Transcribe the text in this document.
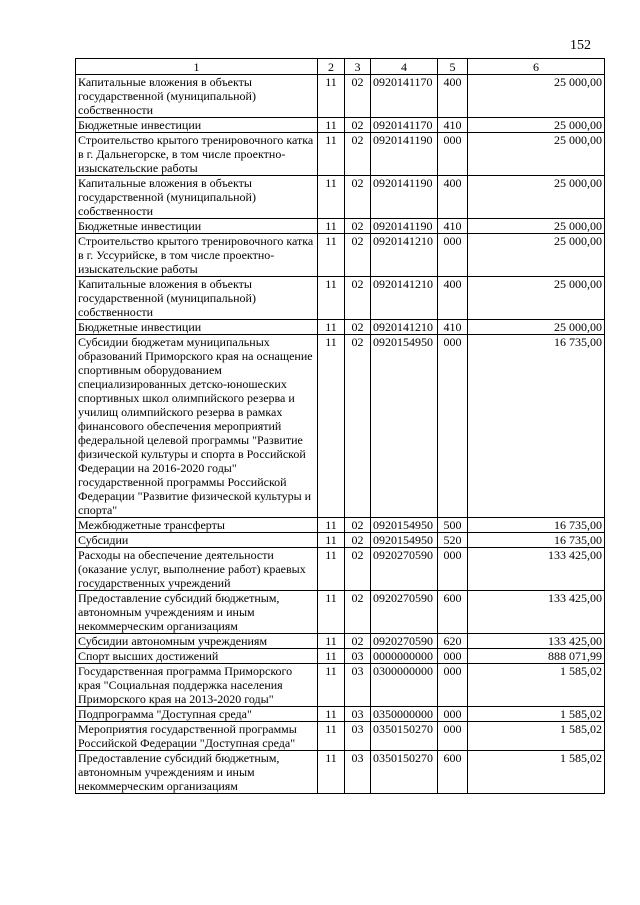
152
1	2	3	4	5	6
Капитальные вложения в объекты государственной (муниципальной) собственности	11	02	0920141170	400	25 000,00
Бюджетные инвестиции	11	02	0920141170	410	25 000,00
Строительство крытого тренировочного катка в г. Дальнегорске, в том числе проектно-изыскательские работы	11	02	0920141190	000	25 000,00
Капитальные вложения в объекты государственной (муниципальной) собственности	11	02	0920141190	400	25 000,00
Бюджетные инвестиции	11	02	0920141190	410	25 000,00
Строительство крытого тренировочного катка в г. Уссурийске, в том числе проектно-изыскательские работы	11	02	0920141210	000	25 000,00
Капитальные вложения в объекты государственной (муниципальной) собственности	11	02	0920141210	400	25 000,00
Бюджетные инвестиции	11	02	0920141210	410	25 000,00
Субсидии бюджетам муниципальных образований Приморского края на оснащение спортивным оборудованием специализированных детско-юношеских спортивных школ олимпийского резерва и училищ олимпийского резерва в рамках финансового обеспечения мероприятий федеральной целевой программы "Развитие физической культуры и спорта в Российской Федерации на 2016-2020 годы" государственной программы Российской Федерации "Развитие физической культуры и спорта"	11	02	0920154950	000	16 735,00
Межбюджетные трансферты	11	02	0920154950	500	16 735,00
Субсидии	11	02	0920154950	520	16 735,00
Расходы на обеспечение деятельности (оказание услуг, выполнение работ) краевых государственных учреждений	11	02	0920270590	000	133 425,00
Предоставление субсидий бюджетным, автономным учреждениям и иным некоммерческим организациям	11	02	0920270590	600	133 425,00
Субсидии автономным учреждениям	11	02	0920270590	620	133 425,00
Спорт высших достижений	11	03	0000000000	000	888 071,99
Государственная программа Приморского края "Социальная поддержка населения Приморского края на 2013-2020 годы"	11	03	0300000000	000	1 585,02
Подпрограмма "Доступная среда"	11	03	0350000000	000	1 585,02
Мероприятия государственной программы Российской Федерации "Доступная среда"	11	03	0350150270	000	1 585,02
Предоставление субсидий бюджетным, автономным учреждениям и иным некоммерческим организациям	11	03	0350150270	600	1 585,02
